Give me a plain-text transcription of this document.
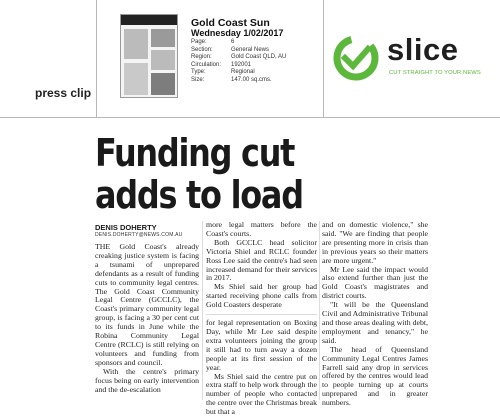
Gold Coast Sun
Wednesday 1/02/2017
Page:	6
Section:	General News
Region:	Gold Coast QLD, AU
Circulation:	192001
Type:	Regional
Size:	147.00 sq.cms.
press clip
slice
CUT STRAIGHT TO YOUR NEWS
Funding cut
adds to load
DENIS DOHERTY
DENIS.DOHERTY@NEWS.COM.AU

THE Gold Coast's already creaking justice system is facing a tsunami of unprepared defendants as a result of funding cuts to community legal centres. The Gold Coast Community Legal Centre (GCCLC), the Coast's primary community legal group, is facing a 30 per cent cut to its funds in June while the Robina Community Legal Centre (RCLC) is still relying on volunteers and funding from sponsors and council.

With the centre's primary focus being on early intervention and the de-escalation

more legal matters before the Coast's courts.

Both GCCLC head solicitor Victoria Shiel and RCLC founder Ross Lee said the centre's had seen increased demand for their services in 2017.

Ms Shiel said her group had started receiving phone calls from Gold Coasters desperate

for legal representation on Boxing Day, while Mr Lee said despite extra volunteers joining the group it still had to turn away a dozen people at its first session of the year.

Ms Shiel said the centre put on extra staff to help work through the number of people who contacted the centre over the Christmas break but that a

and on domestic violence," she said. "We are finding that people are presenting more in crisis than in previous years so their matters are more urgent."

Mr Lee said the impact would also extend further than just the Gold Coast's magistrates and district courts.

"It will be the Queensland Civil and Administrative Tribunal and those areas dealing with debt, employment and tenancy," he said.

The head of Queensland Community Legal Centres James Farrell said any drop in services offered by the centres would lead to people turning up at courts unprepared and in greater numbers.
